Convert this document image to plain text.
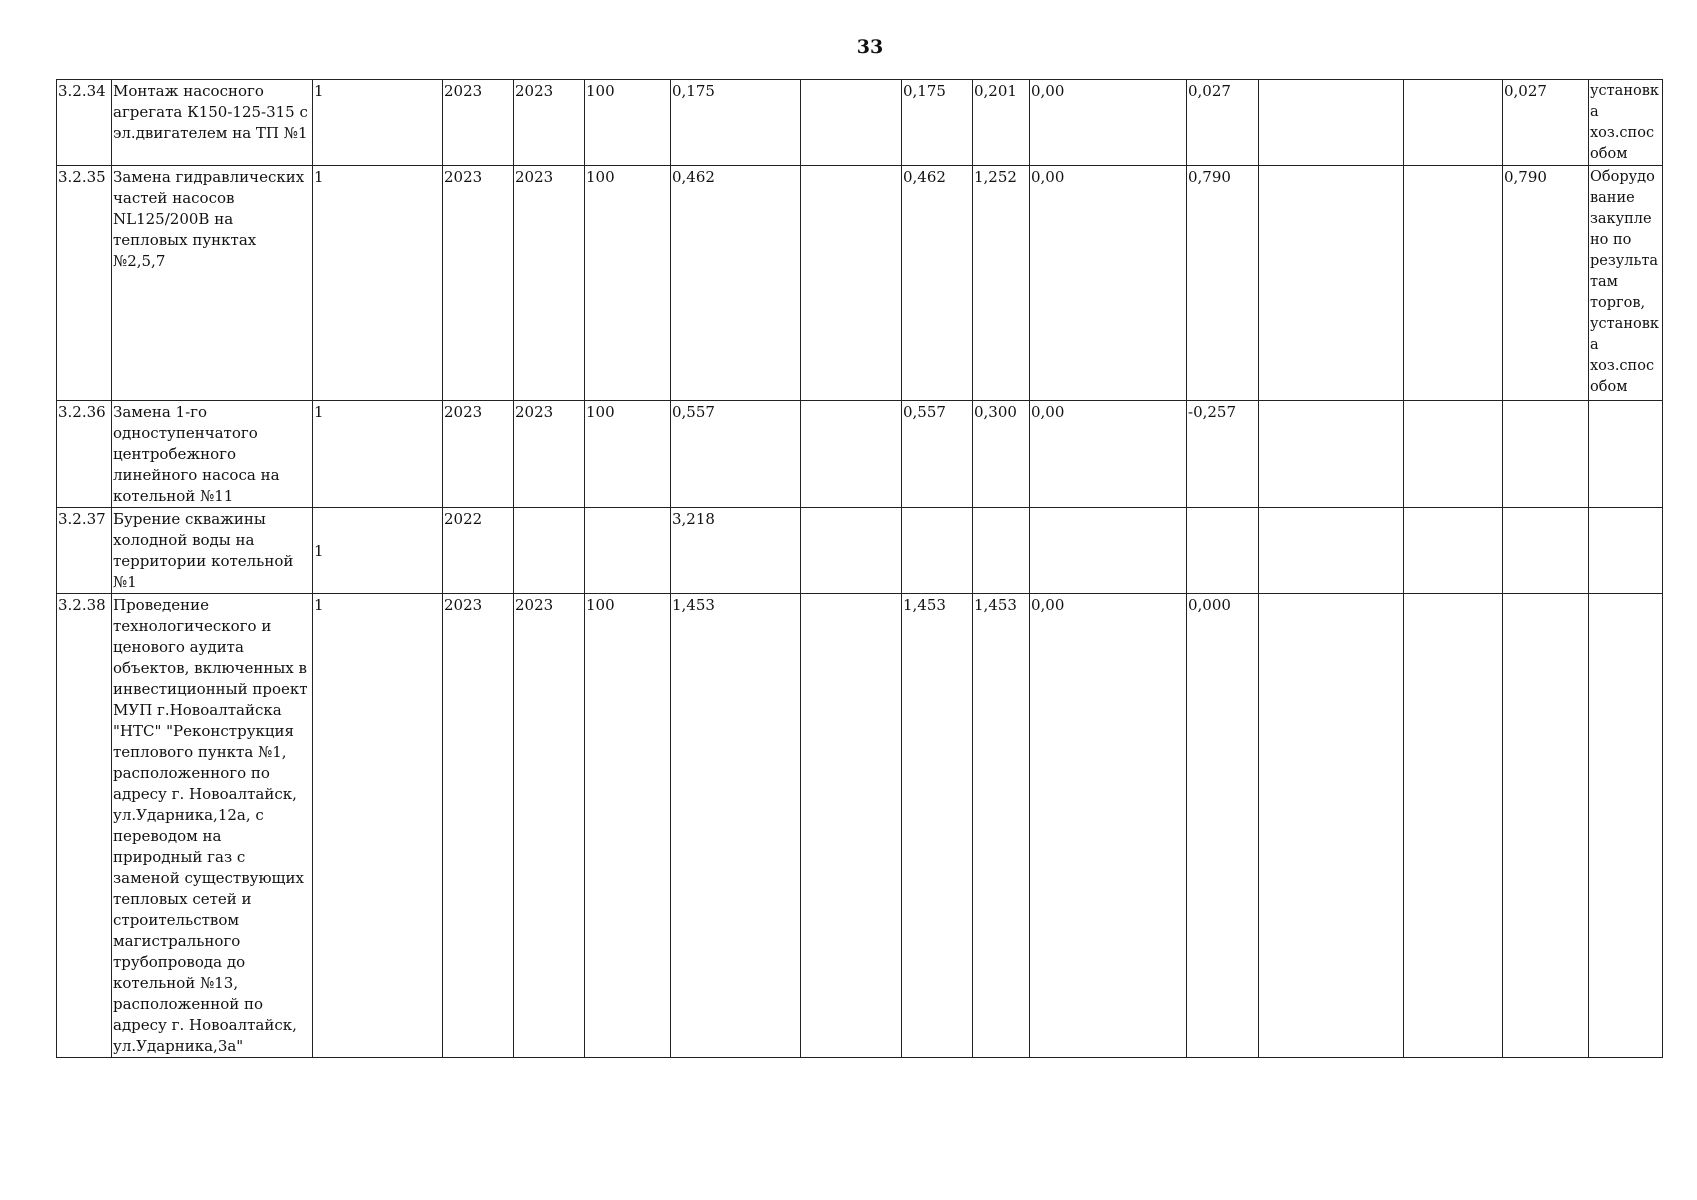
33
3.2.34	Монтаж насосного агрегата К150-125-315 с эл.двигателем на ТП №1	1	2023	2023	100	0,175		0,175	0,201	0,00	0,027			0,027	установка хоз.способом
3.2.35	Замена гидравлических частей насосов NL125/200В на тепловых пунктах №2,5,7	1	2023	2023	100	0,462		0,462	1,252	0,00	0,790			0,790	Оборудование закуплено по результатам торгов, установка хоз.способом
3.2.36	Замена 1-го одноступенчатого центробежного линейного насоса на котельной №11	1	2023	2023	100	0,557		0,557	0,300	0,00	-0,257				
3.2.37	Бурение скважины холодной воды на территории котельной №1	1	2022			3,218									
3.2.38	Проведение технологического и ценового аудита объектов, включенных в инвестиционный проект МУП г.Новоалтайска "НТС" "Реконструкция теплового пункта №1, расположенного по адресу г. Новоалтайск, ул.Ударника,12а, с переводом на природный газ с заменой существующих тепловых сетей и строительством магистрального трубопровода до котельной №13, расположенной по адресу г. Новоалтайск, ул.Ударника,3а"	1	2023	2023	100	1,453		1,453	1,453	0,00	0,000				
